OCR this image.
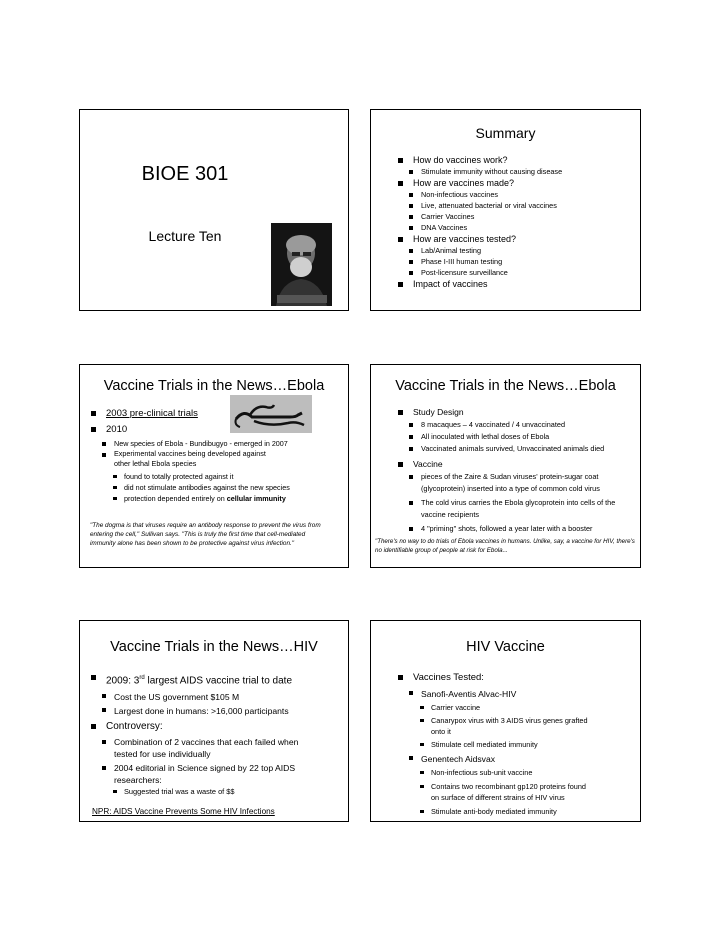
BIOE 301
Lecture Ten
Summary
How do vaccines work?
Stimulate immunity without causing disease
How are vaccines made?
Non-infectious vaccines
Live, attenuated bacterial or viral vaccines
Carrier Vaccines
DNA Vaccines
How are vaccines tested?
Lab/Animal testing
Phase I-III human testing
Post-licensure surveillance
Impact of vaccines
Vaccine Trials in the News…Ebola
2003 pre-clinical trials
2010
New species of Ebola - Bundibugyo - emerged in 2007
Experimental vaccines being developed against other lethal Ebola species
found to totally protected against it
did not stimulate antibodies against the new species
protection depended entirely on cellular immunity
"The dogma is that viruses require an antibody response to prevent the virus from entering the cell," Sullivan says. "This is truly the first time that cell-mediated immunity alone has been shown to be protective against virus infection."
Vaccine Trials in the News…Ebola
Study Design
8 macaques – 4 vaccinated / 4 unvaccinated
All inoculated with lethal doses of Ebola
Vaccinated animals survived, Unvaccinated animals died
Vaccine
pieces of the Zaire & Sudan viruses' protein-sugar coat (glycoprotein) inserted into a type of common cold virus
The cold virus carries the Ebola glycoprotein into cells of the vaccine recipients
4 "priming" shots, followed a year later with a booster
"There's no way to do trials of Ebola vaccines in humans. Unlike, say, a vaccine for HIV, there's no identifiable group of people at risk for Ebola...
Vaccine Trials in the News…HIV
2009: 3rd largest AIDS vaccine trial to date
Cost the US government $105 M
Largest done in humans: >16,000 participants
Controversy:
Combination of 2 vaccines that each failed when tested for use individually
2004 editorial in Science signed by 22 top AIDS researchers:
Suggested trial was a waste of $$
NPR: AIDS Vaccine Prevents Some HIV Infections
HIV Vaccine
Vaccines Tested:
Sanofi-Aventis Alvac-HIV
Carrier vaccine
Canarypox virus with 3 AIDS virus genes grafted onto it
Stimulate cell mediated immunity
Genentech Aidsvax
Non-infectious sub-unit vaccine
Contains two recombinant gp120 proteins found on surface of different strains of HIV virus
Stimulate anti-body mediated immunity
